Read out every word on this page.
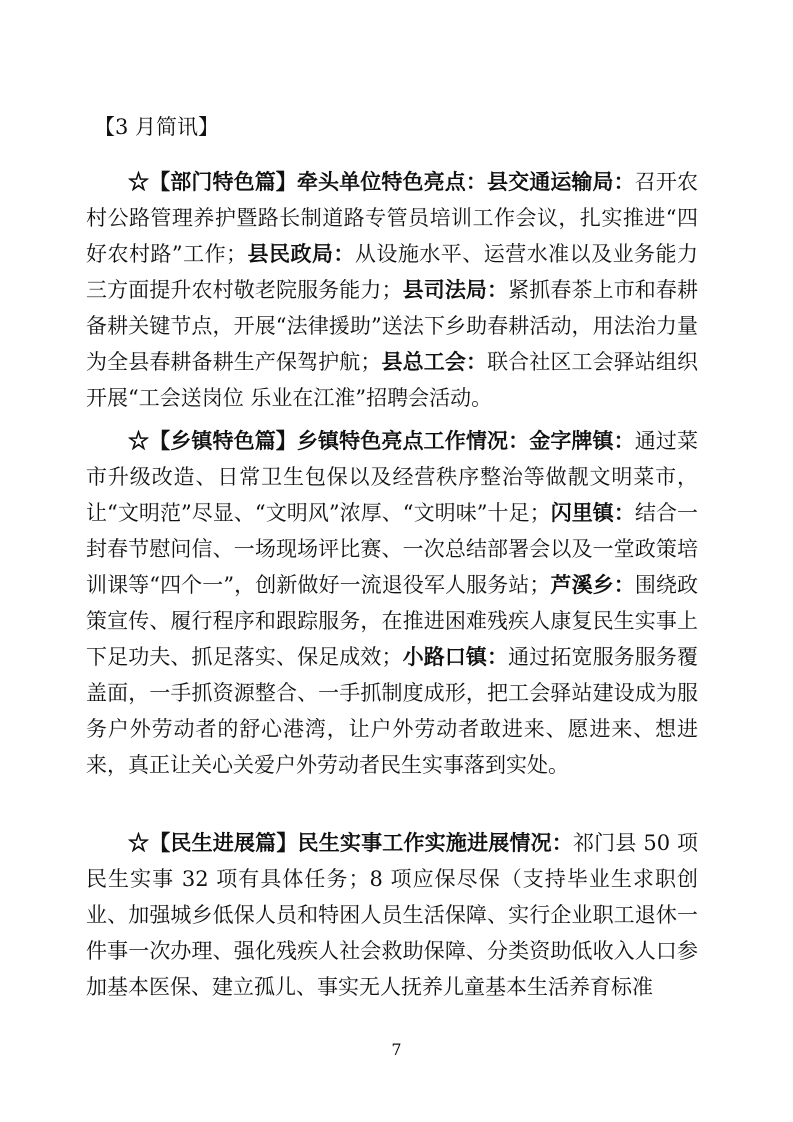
【3 月简讯】

☆【部门特色篇】牵头单位特色亮点：县交通运输局：召开农村公路管理养护暨路长制道路专管员培训工作会议，扎实推进“四好农村路”工作；县民政局：从设施水平、运营水准以及业务能力三方面提升农村敬老院服务能力；县司法局：紧抓春茶上市和春耕备耕关键节点，开展“法律援助”送法下乡助春耕活动，用法治力量为全县春耕备耕生产保驾护航；县总工会：联合社区工会驿站组织开展“工会送岗位 乐业在江淮”招聘会活动。

☆【乡镇特色篇】乡镇特色亮点工作情况：金字牌镇：通过菜市升级改造、日常卫生包保以及经营秩序整治等做靓文明菜市，让“文明范”尽显、“文明风”浓厚、“文明味”十足；闪里镇：结合一封春节慰问信、一场现场评比赛、一次总结部署会以及一堂政策培训课等“四个一”，创新做好一流退役军人服务站；芦溪乡：围绕政策宣传、履行程序和跟踪服务，在推进困难残疾人康复民生实事上下足功夫、抓足落实、保足成效；小路口镇：通过拓宽服务服务覆盖面，一手抓资源整合、一手抓制度成形，把工会驿站建设成为服务户外劳动者的舒心港湾，让户外劳动者敢进来、愿进来、想进来，真正让关心关爱户外劳动者民生实事落到实处。

☆【民生进展篇】民生实事工作实施进展情况：祁门县 50 项民生实事 32 项有具体任务；8 项应保尽保（支持毕业生求职创业、加强城乡低保人员和特困人员生活保障、实行企业职工退休一件事一次办理、强化残疾人社会救助保障、分类资助低收入人口参加基本医保、建立孤儿、事实无人抚养儿童基本生活养育标准

7
